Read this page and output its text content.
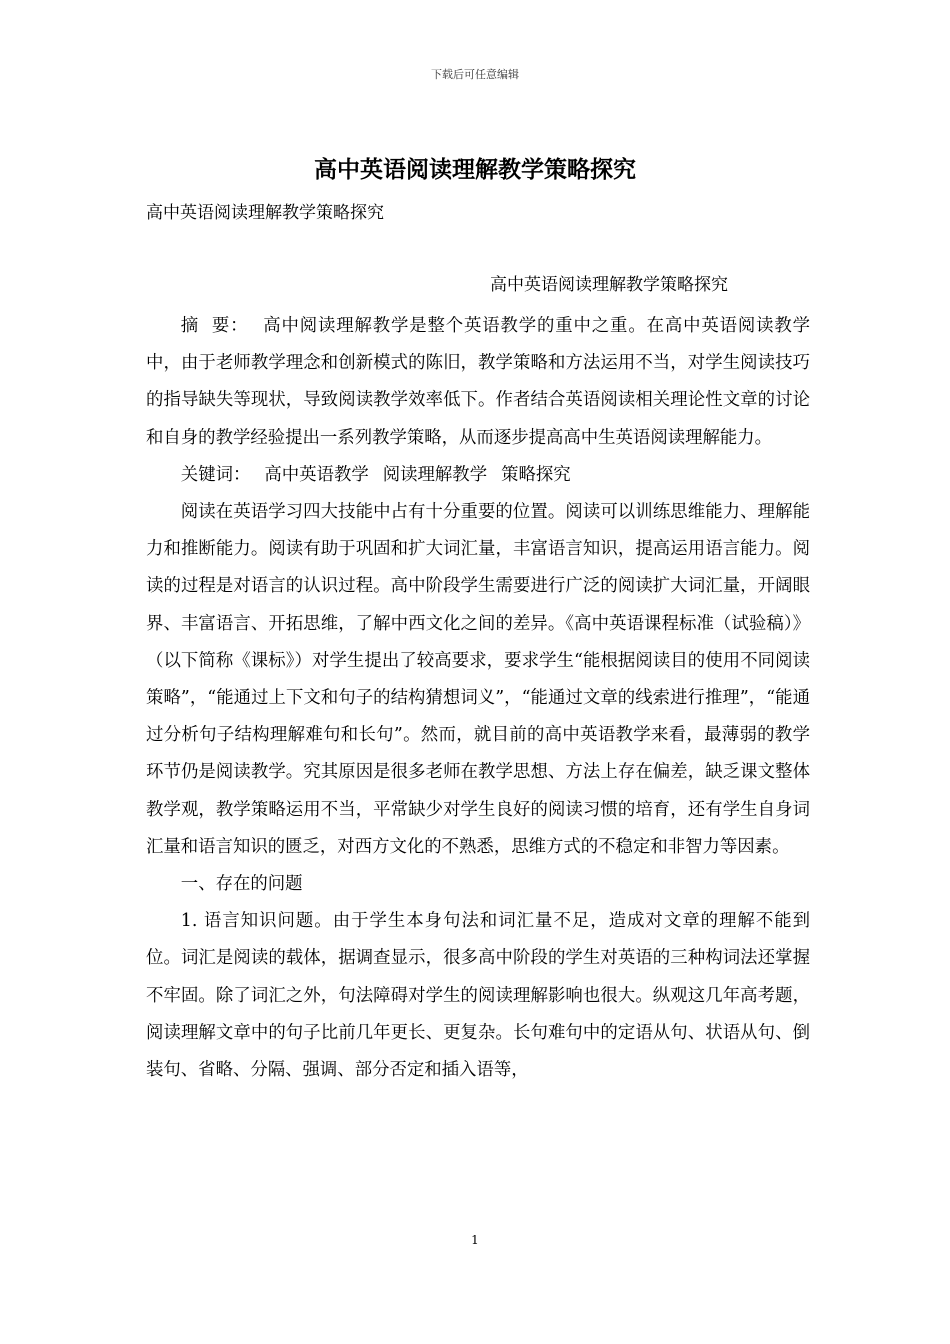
下载后可任意编辑
高中英语阅读理解教学策略探究
高中英语阅读理解教学策略探究
高中英语阅读理解教学策略探究

摘  要： 高中阅读理解教学是整个英语教学的重中之重。在高中英语阅读教学中，由于老师教学理念和创新模式的陈旧，教学策略和方法运用不当，对学生阅读技巧的指导缺失等现状，导致阅读教学效率低下。作者结合英语阅读相关理论性文章的讨论和自身的教学经验提出一系列教学策略，从而逐步提高高中生英语阅读理解能力。

关键词： 高中英语教学 阅读理解教学 策略探究

阅读在英语学习四大技能中占有十分重要的位置。阅读可以训练思维能力、理解能力和推断能力。阅读有助于巩固和扩大词汇量，丰富语言知识，提高运用语言能力。阅读的过程是对语言的认识过程。高中阶段学生需要进行广泛的阅读扩大词汇量，开阔眼界、丰富语言、开拓思维，了解中西文化之间的差异。《高中英语课程标准（试验稿）》（以下简称《课标》）对学生提出了较高要求，要求学生“能根据阅读目的使用不同阅读策略”，“能通过上下文和句子的结构猜想词义”，“能通过文章的线索进行推理”，“能通过分析句子结构理解难句和长句”。然而，就目前的高中英语教学来看，最薄弱的教学环节仍是阅读教学。究其原因是很多老师在教学思想、方法上存在偏差，缺乏课文整体教学观，教学策略运用不当，平常缺少对学生良好的阅读习惯的培育，还有学生自身词汇量和语言知识的匮乏，对西方文化的不熟悉，思维方式的不稳定和非智力等因素。

一、存在的问题

1. 语言知识问题。由于学生本身句法和词汇量不足，造成对文章的理解不能到位。词汇是阅读的载体，据调查显示，很多高中阶段的学生对英语的三种构词法还掌握不牢固。除了词汇之外，句法障碍对学生的阅读理解影响也很大。纵观这几年高考题，阅读理解文章中的句子比前几年更长、更复杂。长句难句中的定语从句、状语从句、倒装句、省略、分隔、强调、部分否定和插入语等，

1
